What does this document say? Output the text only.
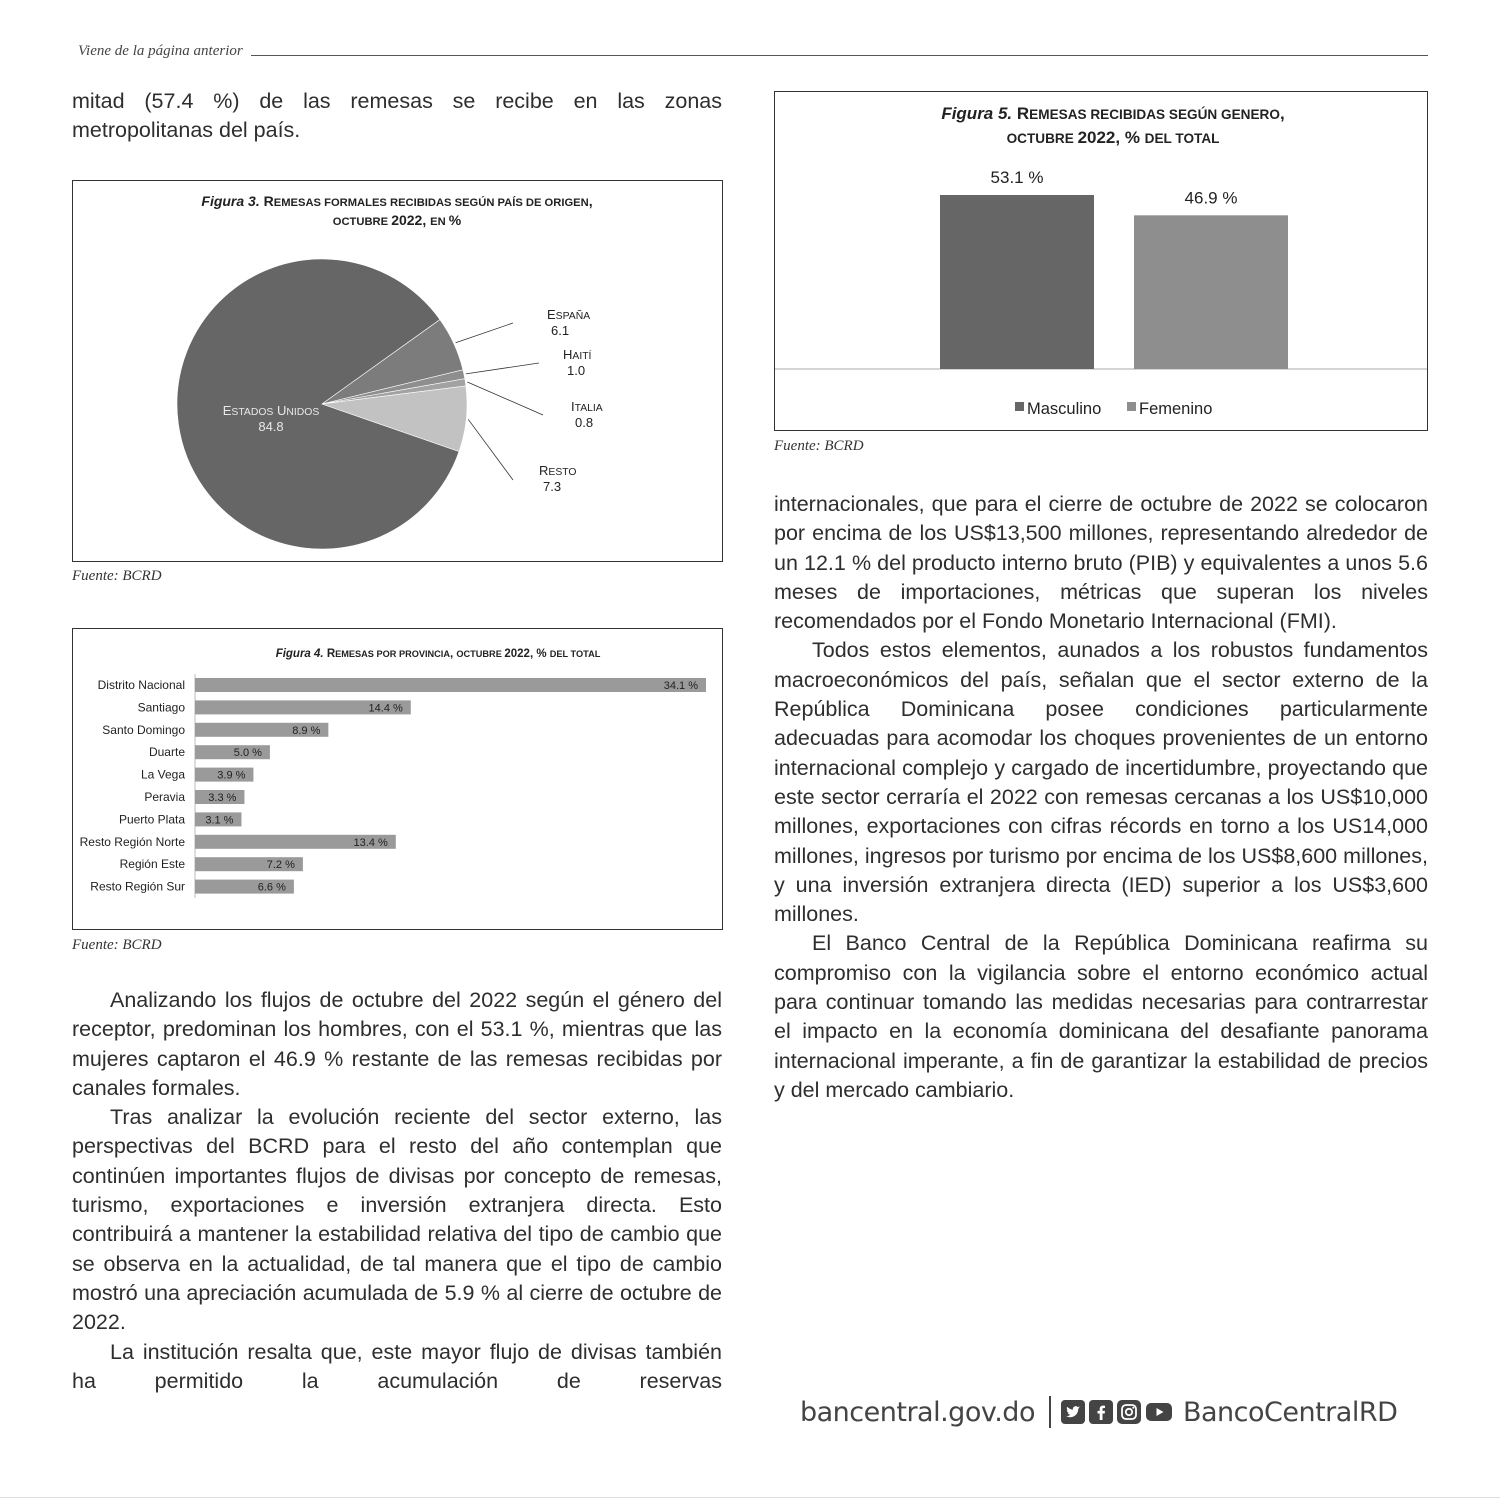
Viene de la página anterior

mitad (57.4 %) de las remesas se recibe en las zonas metropolitanas del país.

Figura 3. REMESAS FORMALES RECIBIDAS SEGÚN PAÍS DE ORIGEN,
OCTUBRE 2022, EN %
ESTADOS UNIDOS
84.8
ESPAÑA
6.1
HAITÍ
1.0
ITALIA
0.8
RESTO
7.3
Fuente: BCRD
Figura 4. REMESAS POR PROVINCIA, OCTUBRE 2022, % DEL TOTAL
Distrito Nacional	34.1 %
Santiago	14.4 %
Santo Domingo	8.9 %
Duarte	5.0 %
La Vega	3.9 %
Peravia 3.3 %
Puerto Plata 3.1 %
Resto Región Norte	13.4 %
Región Este	7.2 %
Resto Región Sur	6.6 %
Fuente: BCRD

Analizando los flujos de octubre del 2022 según el género del receptor, predominan los hombres, con el 53.1 %, mientras que las mujeres captaron el 46.9 % restante de las remesas recibidas por canales formales.

Tras analizar la evolución reciente del sector externo, las perspectivas del BCRD para el resto del año contemplan que continúen importantes flujos de divisas por concepto de remesas, turismo, exportaciones e inversión extranjera directa. Esto contribuirá a mantener la estabilidad relativa del tipo de cambio que se observa en la actualidad, de tal manera que el tipo de cambio mostró una apreciación acumulada de 5.9 % al cierre de octubre de 2022.

La institución resalta que, este mayor flujo de divisas también ha permitido la acumulación de reservas

Figura 5. REMESAS RECIBIDAS SEGÚN GENERO,
OCTUBRE 2022, % DEL TOTAL
53.1 %
46.9 %
Masculino Femenino
Fuente: BCRD

internacionales, que para el cierre de octubre de 2022 se colocaron por encima de los US$13,500 millones, representando alrededor de un 12.1 % del producto interno bruto (PIB) y equivalentes a unos 5.6 meses de importaciones, métricas que superan los niveles recomendados por el Fondo Monetario Internacional (FMI).

Todos estos elementos, aunados a los robustos fundamentos macroeconómicos del país, señalan que el sector externo de la República Dominicana posee condiciones particularmente adecuadas para acomodar los choques provenientes de un entorno internacional complejo y cargado de incertidumbre, proyectando que este sector cerraría el 2022 con remesas cercanas a los US$10,000 millones, exportaciones con cifras récords en torno a los US14,000 millones, ingresos por turismo por encima de los US$8,600 millones, y una inversión extranjera directa (IED) superior a los US$3,600 millones.

El Banco Central de la República Dominicana reafirma su compromiso con la vigilancia sobre el entorno económico actual para continuar tomando las medidas necesarias para contrarrestar el impacto en la economía dominicana del desafiante panorama internacional imperante, a fin de garantizar la estabilidad de precios y del mercado cambiario.

bancentral.gov.do	BancoCentralRD
